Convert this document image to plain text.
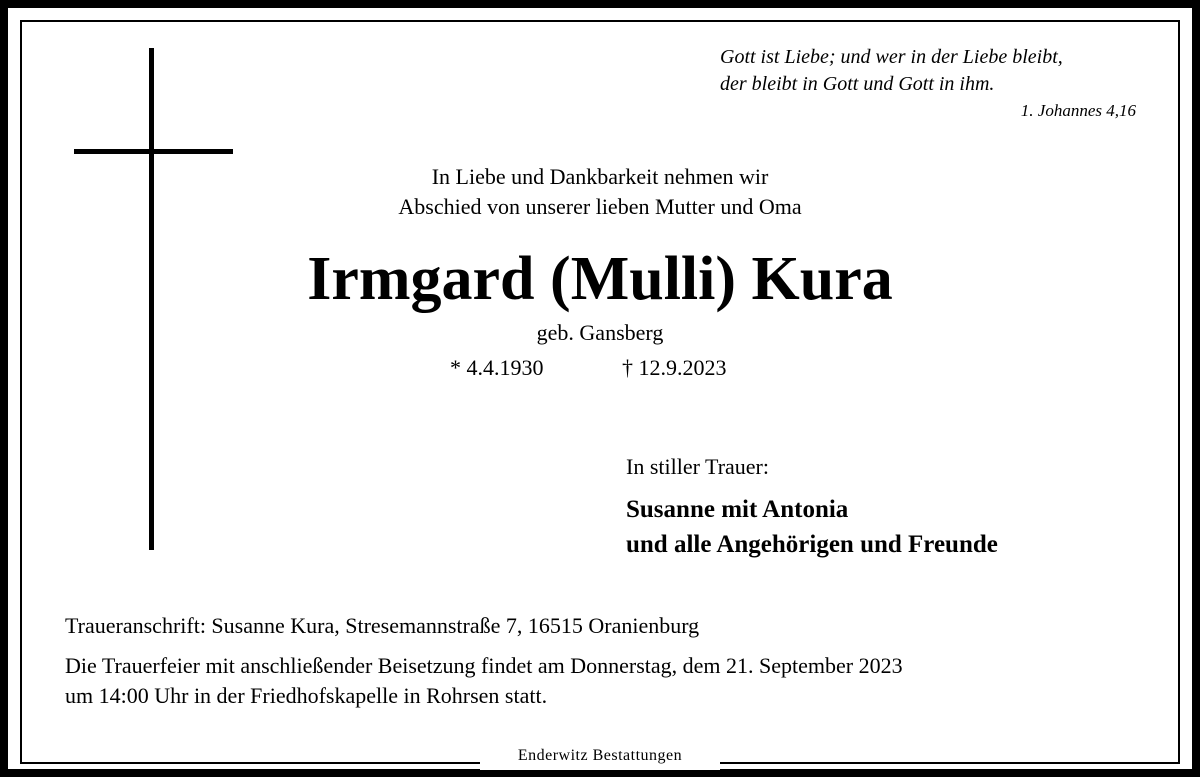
Gott ist Liebe; und wer in der Liebe bleibt,
der bleibt in Gott und Gott in ihm.
1. Johannes 4,16
In Liebe und Dankbarkeit nehmen wir
Abschied von unserer lieben Mutter und Oma
Irmgard (Mulli) Kura
geb. Gansberg
* 4.4.1930	† 12.9.2023
In stiller Trauer:
Susanne mit Antonia
und alle Angehörigen und Freunde
Traueranschrift: Susanne Kura, Stresemannstraße 7, 16515 Oranienburg
Die Trauerfeier mit anschließender Beisetzung findet am Donnerstag, dem 21. September 2023
um 14:00 Uhr in der Friedhofskapelle in Rohrsen statt.
Enderwitz Bestattungen
